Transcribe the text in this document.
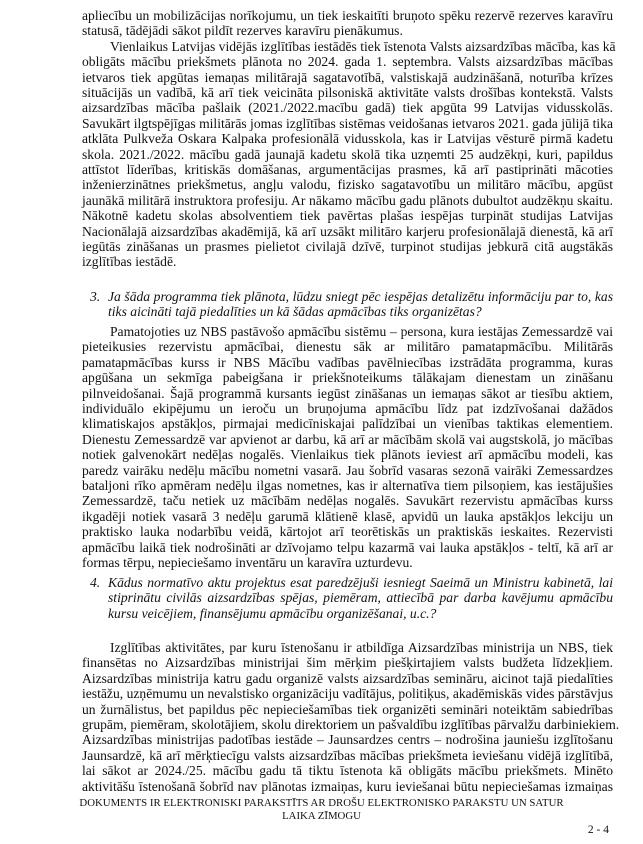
apliecību un mobilizācijas norīkojumu, un tiek ieskaitīti bruņoto spēku rezervē rezerves karavīru
statusā, tādējādi sākot pildīt rezerves karavīru pienākumus.
Vienlaikus Latvijas vidējās izglītības iestādēs tiek īstenota Valsts aizsardzības mācība, kas kā
obligāts mācību priekšmets plānota no 2024. gada 1. septembra. Valsts aizsardzības mācības
ietvaros tiek apgūtas iemaņas militārajā sagatavotībā, valstiskajā audzināšanā, noturība krīzes
situācijās un vadībā, kā arī tiek veicināta pilsoniskā aktivitāte valsts drošības kontekstā. Valsts
aizsardzības mācība pašlaik (2021./2022.macību gadā) tiek apgūta 99 Latvijas vidusskolās.
Savukārt ilgtspējīgas militārās jomas izglītības sistēmas veidošanas ietvaros 2021. gada jūlijā tika
atklāta Pulkveža Oskara Kalpaka profesionālā vidusskola, kas ir Latvijas vēsturē pirmā kadetu
skola. 2021./2022. mācību gadā jaunajā kadetu skolā tika uzņemti 25 audzēkņi, kuri, papildus
attīstot līderības, kritiskās domāšanas, argumentācijas prasmes, kā arī pastiprināti mācoties
inženierzinātnes priekšmetus, angļu valodu, fizisko sagatavotību un militāro mācību, apgūst
jaunākā militārā instruktora profesiju. Ar nākamo mācību gadu plānots dubultot audzēkņu skaitu.
Nākotnē kadetu skolas absolventiem tiek pavērtas plašas iespējas turpināt studijas Latvijas
Nacionālajā aizsardzības akadēmijā, kā arī uzsākt militāro karjeru profesionālajā dienestā, kā arī
iegūtās zināšanas un prasmes pielietot civilajā dzīvē, turpinot studijas jebkurā citā augstākās
izglītības iestādē.
3. Ja šāda programma tiek plānota, lūdzu sniegt pēc iespējas detalizētu informāciju par to, kas
tiks aicināti tajā piedalīties un kā šādas apmācības tiks organizētas?
Pamatojoties uz NBS pastāvošo apmācību sistēmu – persona, kura iestājas Zemessardzē vai
pieteikusies rezervistu apmācībai, dienestu sāk ar militāro pamatapmācību. Militārās
pamatapmācības kurss ir NBS Mācību vadības pavēlniecības izstrādāta programma, kuras
apgūšana un sekmīga pabeigšana ir priekšnoteikums tālākajam dienestam un zināšanu
pilnveidošanai. Šajā programmā kursants iegūst zināšanas un iemaņas sākot ar tiesību aktiem,
individuālo ekipējumu un ieroču un bruņojuma apmācību līdz pat izdzīvošanai dažādos
klimatiskajos apstākļos, pirmajai medicīniskajai palīdzībai un vienības taktikas elementiem.
Dienestu Zemessardzē var apvienot ar darbu, kā arī ar mācībām skolā vai augstskolā, jo mācības
notiek galvenokārt nedēļas nogalēs. Vienlaikus tiek plānots ieviest arī apmācību modeli, kas
paredz vairāku nedēļu mācību nometni vasarā. Jau šobrīd vasaras sezonā vairāki Zemessardzes
bataljoni rīko apmēram nedēļu ilgas nometnes, kas ir alternatīva tiem pilsoņiem, kas iestājušies
Zemessardzē, taču netiek uz mācībām nedēļas nogalēs. Savukārt rezervistu apmācības kurss
ikgadēji notiek vasarā 3 nedēļu garumā klātienē klasē, apvidū un lauka apstākļos lekciju un
praktisko lauka nodarbību veidā, kārtojot arī teorētiskās un praktiskās ieskaites. Rezervisti
apmācību laikā tiek nodrošināti ar dzīvojamo telpu kazarmā vai lauka apstākļos - teltī, kā arī ar
formas tērpu, nepieciešamo inventāru un karavīra uzturdevu.
4. Kādus normatīvo aktu projektus esat paredzējuši iesniegt Saeimā un Ministru kabinetā, lai
stiprinātu civilās aizsardzības spējas, piemēram, attiecībā par darba kavējumu apmācību
kursu veicējiem, finansējumu apmācību organizēšanai, u.c.?
Izglītības aktivitātes, par kuru īstenošanu ir atbildīga Aizsardzības ministrija un NBS, tiek
finansētas no Aizsardzības ministrijai šim mērķim piešķirtajiem valsts budžeta līdzekļiem.
Aizsardzības ministrija katru gadu organizē valsts aizsardzības semināru, aicinot tajā piedalīties
iestāžu, uzņēmumu un nevalstisko organizāciju vadītājus, politiķus, akadēmiskās vides pārstāvjus
un žurnālistus, bet papildus pēc nepieciešamības tiek organizēti semināri noteiktām sabiedrības
grupām, piemēram, skolotājiem, skolu direktoriem un pašvaldību izglītības pārvalžu darbiniekiem.
Aizsardzības ministrijas padotības iestāde – Jaunsardzes centrs – nodrošina jauniešu izglītošanu
Jaunsardzē, kā arī mērķtiecīgu valsts aizsardzības mācības priekšmeta ieviešanu vidējā izglītībā,
lai sākot ar 2024./25. mācību gadu tā tiktu īstenota kā obligāts mācību priekšmets. Minēto
aktivitāšu īstenošanā šobrīd nav plānotas izmaiņas, kuru ieviešanai būtu nepieciešamas izmaiņas
DOKUMENTS IR ELEKTRONISKI PARAKSTĪTS AR DROŠU ELEKTRONISKO PARAKSTU UN SATUR
LAIKA ZĪMOGU
2 - 4
